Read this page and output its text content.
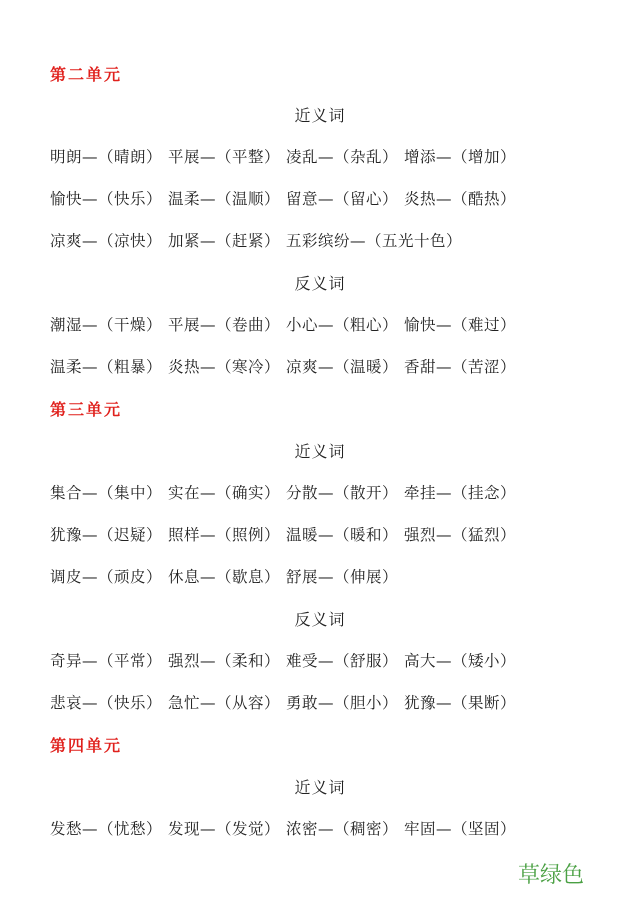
第二单元
近义词
明朗—（晴朗） 平展—（平整） 凌乱—（杂乱） 增添—（增加）
愉快—（快乐） 温柔—（温顺） 留意—（留心） 炎热—（酷热）
凉爽—（凉快） 加紧—（赶紧） 五彩缤纷—（五光十色）
反义词
潮湿—（干燥） 平展—（卷曲） 小心—（粗心） 愉快—（难过）
温柔—（粗暴） 炎热—（寒冷） 凉爽—（温暖） 香甜—（苦涩）
第三单元
近义词
集合—（集中） 实在—（确实） 分散—（散开） 牵挂—（挂念）
犹豫—（迟疑） 照样—（照例） 温暖—（暖和） 强烈—（猛烈）
调皮—（顽皮） 休息—（歇息） 舒展—（伸展）
反义词
奇异—（平常） 强烈—（柔和） 难受—（舒服） 高大—（矮小）
悲哀—（快乐） 急忙—（从容） 勇敢—（胆小） 犹豫—（果断）
第四单元
近义词
发愁—（忧愁） 发现—（发觉） 浓密—（稠密） 牢固—（坚固）
草绿色
